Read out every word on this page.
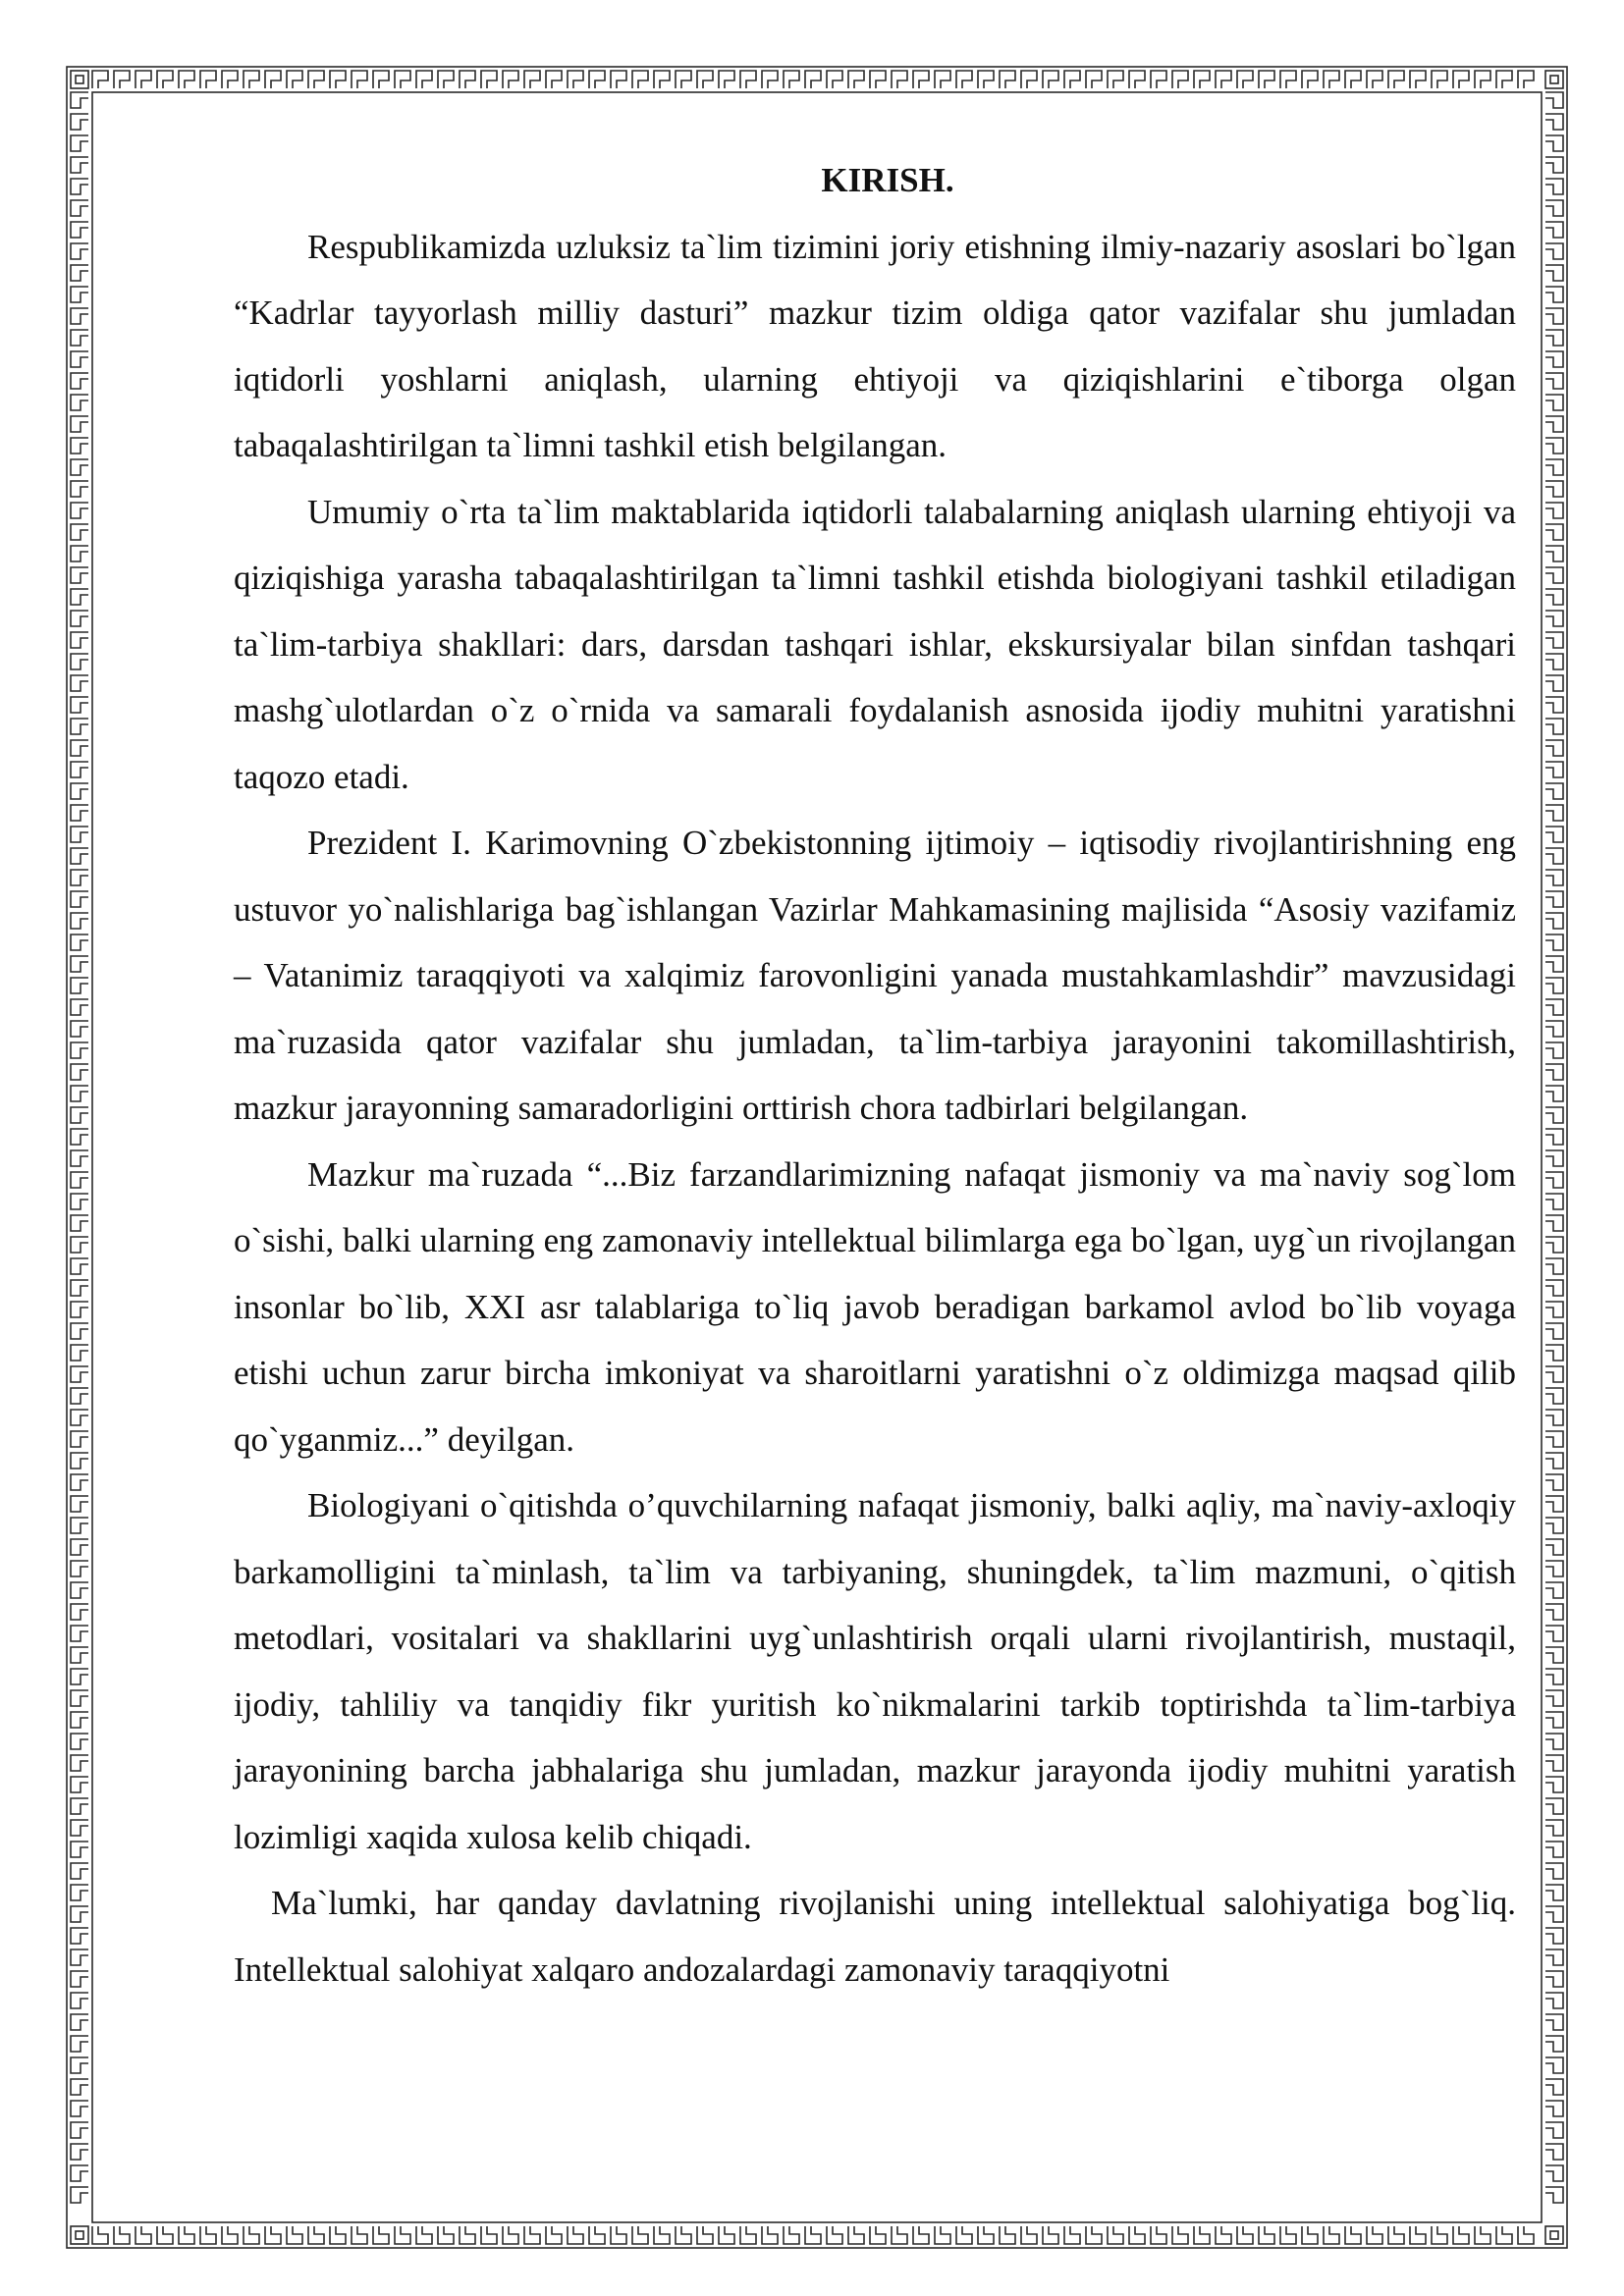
KIRISH.

Respublikamizda uzluksiz ta`lim tizimini joriy etishning ilmiy-nazariy asoslari bo`lgan “Kadrlar tayyorlash milliy dasturi” mazkur tizim oldiga qator vazifalar shu jumladan iqtidorli yoshlarni aniqlash, ularning ehtiyoji va qiziqishlarini e`tiborga olgan tabaqalashtirilgan ta`limni tashkil etish belgilangan.

Umumiy o`rta ta`lim maktablarida iqtidorli talabalarning aniqlash ularning ehtiyoji va qiziqishiga yarasha tabaqalashtirilgan ta`limni tashkil etishda biologiyani tashkil etiladigan ta`lim-tarbiya shakllari: dars, darsdan tashqari ishlar, ekskursiyalar bilan sinfdan tashqari mashg`ulotlardan o`z o`rnida va samarali foydalanish asnosida ijodiy muhitni yaratishni taqozo etadi.

Prezident I. Karimovning O`zbekistonning ijtimoiy – iqtisodiy rivojlantirishning eng ustuvor yo`nalishlariga bag`ishlangan Vazirlar Mahkamasining majlisida “Asosiy vazifamiz – Vatanimiz taraqqiyoti va xalqimiz farovonligini yanada mustahkamlashdir” mavzusidagi ma`ruzasida qator vazifalar shu jumladan, ta`lim-tarbiya jarayonini takomillashtirish, mazkur jarayonning samaradorligini orttirish chora tadbirlari belgilangan.

Mazkur ma`ruzada “...Biz farzandlarimizning nafaqat jismoniy va ma`naviy sog`lom o`sishi, balki ularning eng zamonaviy intellektual bilimlarga ega bo`lgan, uyg`un rivojlangan insonlar bo`lib, XXI asr talablariga to`liq javob beradigan barkamol avlod bo`lib voyaga etishi uchun zarur bircha imkoniyat va sharoitlarni yaratishni o`z oldimizga maqsad qilib qo`yganmiz...” deyilgan.

Biologiyani o`qitishda o’quvchilarning nafaqat jismoniy, balki aqliy, ma`naviy-axloqiy barkamolligini ta`minlash, ta`lim va tarbiyaning, shuningdek, ta`lim mazmuni, o`qitish metodlari, vositalari va shakllarini uyg`unlashtirish orqali ularni rivojlantirish, mustaqil, ijodiy, tahliliy va tanqidiy fikr yuritish ko`nikmalarini tarkib toptirishda ta`lim-tarbiya jarayonining barcha jabhalariga shu jumladan, mazkur jarayonda ijodiy muhitni yaratish lozimligi xaqida xulosa kelib chiqadi.

Ma`lumki, har qanday davlatning rivojlanishi uning intellektual salohiyatiga bog`liq. Intellektual salohiyat xalqaro andozalardagi zamonaviy taraqqiyotni
